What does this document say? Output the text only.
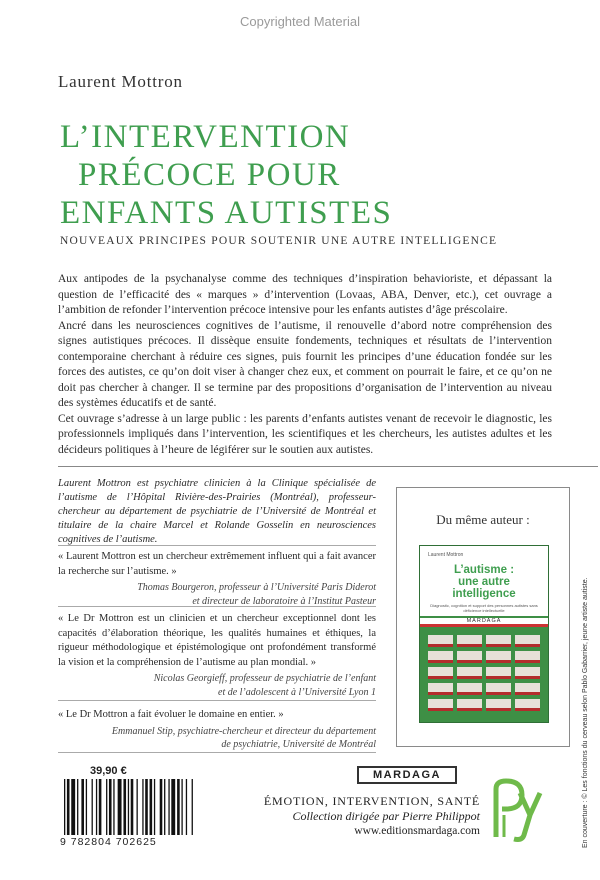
Copyrighted Material
Laurent Mottron
L’INTERVENTION
PRÉCOCE POUR
ENFANTS AUTISTES
NOUVEAUX PRINCIPES POUR SOUTENIR UNE AUTRE INTELLIGENCE

Aux antipodes de la psychanalyse comme des techniques d’inspiration behavioriste, et dépassant la question de l’efficacité des « marques » d’intervention (Lovaas, ABA, Denver, etc.), cet ouvrage a l’ambition de refonder l’intervention précoce intensive pour les enfants autistes d’âge préscolaire.

Ancré dans les neurosciences cognitives de l’autisme, il renouvelle d’abord notre compréhension des signes autistiques précoces. Il dissèque ensuite fondements, techniques et résultats de l’intervention contemporaine cherchant à réduire ces signes, puis fournit les principes d’une éducation fondée sur les forces des autistes, ce qu’on doit viser à changer chez eux, et comment on pourrait le faire, et ce qu’on ne doit pas chercher à changer. Il se termine par des propositions d’organisation de l’intervention au niveau des systèmes éducatifs et de santé.

Cet ouvrage s’adresse à un large public : les parents d’enfants autistes venant de recevoir le diagnostic, les professionnels impliqués dans l’intervention, les scientifiques et les chercheurs, les autistes adultes et les décideurs politiques à l’heure de légiférer sur le soutien aux autistes.

Laurent Mottron est psychiatre clinicien à la Clinique spécialisée de l’autisme de l’Hôpital Rivière-des-Prairies (Montréal), professeur-chercheur au département de psychiatrie de l’Université de Montréal et titulaire de la chaire Marcel et Rolande Gosselin en neurosciences cognitives de l’autisme.
« Laurent Mottron est un chercheur extrêmement influent qui a fait avancer la recherche sur l’autisme. »
Thomas Bourgeron, professeur à l’Université Paris Diderot
et directeur de laboratoire à l’Institut Pasteur
« Le Dr Mottron est un clinicien et un chercheur exceptionnel dont les capacités d’élaboration théorique, les qualités humaines et éthiques, la rigueur méthodologique et épistémologique ont profondément transformé la vision et la compréhension de l’autisme au plan mondial. »
Nicolas Georgieff, professeur de psychiatrie de l’enfant
et de l’adolescent à l’Université Lyon 1
« Le Dr Mottron a fait évoluer le domaine en entier. »
Emmanuel Stip, psychiatre-chercheur et directeur du département
de psychiatrie, Université de Montréal
Du même auteur :
Laurent Mottron
L’autisme :
une autre intelligence
Diagnostic, cognition et support des personnes autistes sans déficience intellectuelle
MARDAGA
39,90 €
9 782804 702625
MARDAGA
ÉMOTION, INTERVENTION, SANTÉ
Collection dirigée par Pierre Philippot
www.editionsmardaga.com	En couverture : © Les fonctions du cerveau selon Pablo Gabarrier, jeune artiste autiste.
